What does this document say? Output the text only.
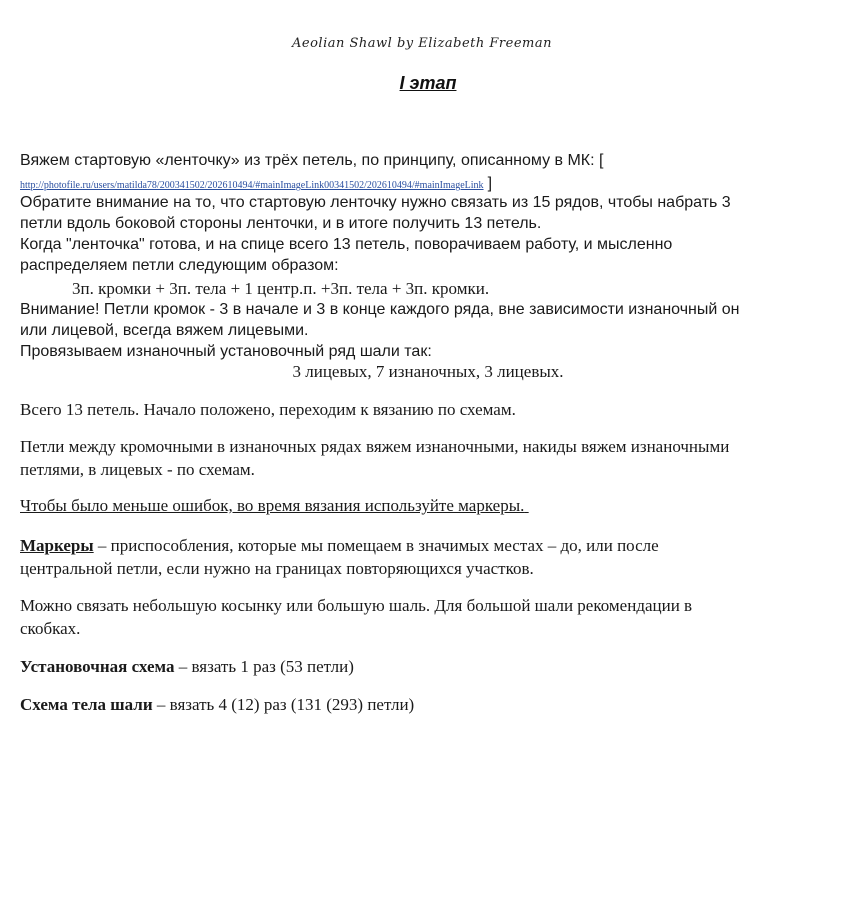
Aeolian Shawl by Elizabeth Freeman
I этап
Вяжем стартовую «ленточку» из трёх петель, по принципу, описанному в МК: [
http://photofile.ru/users/matilda78/200341502/202610494/#mainImageLink00341502/202610494/#mainImageLink ]
Обратите внимание на то, что стартовую ленточку нужно связать из 15 рядов, чтобы набрать 3
петли вдоль боковой стороны ленточки, и в итоге получить 13 петель.
Когда "ленточка" готова, и на спице всего 13 петель, поворачиваем работу, и мысленно
распределяем петли следующим образом:
3п. кромки + 3п. тела + 1 центр.п. +3п. тела + 3п. кромки.
Внимание! Петли кромок - 3 в начале и 3 в конце каждого ряда, вне зависимости изнаночный он
или лицевой, всегда вяжем лицевыми.
Провязываем изнаночный установочный ряд шали так:
3 лицевых, 7 изнаночных, 3 лицевых.
Всего 13 петель. Начало положено, переходим к вязанию по схемам.
Петли между кромочными в изнаночных рядах вяжем изнаночными, накиды вяжем изнаночными
петлями, в лицевых - по схемам.
Чтобы было меньше ошибок, во время вязания используйте маркеры.
Маркеры – приспособления, которые мы помещаем в значимых местах – до, или после
центральной петли, если нужно на границах повторяющихся участков.
Можно связать небольшую косынку или большую шаль. Для большой шали рекомендации в
скобках.
Установочная схема – вязать 1 раз (53 петли)
Схема тела шали – вязать 4 (12) раз (131 (293) петли)
